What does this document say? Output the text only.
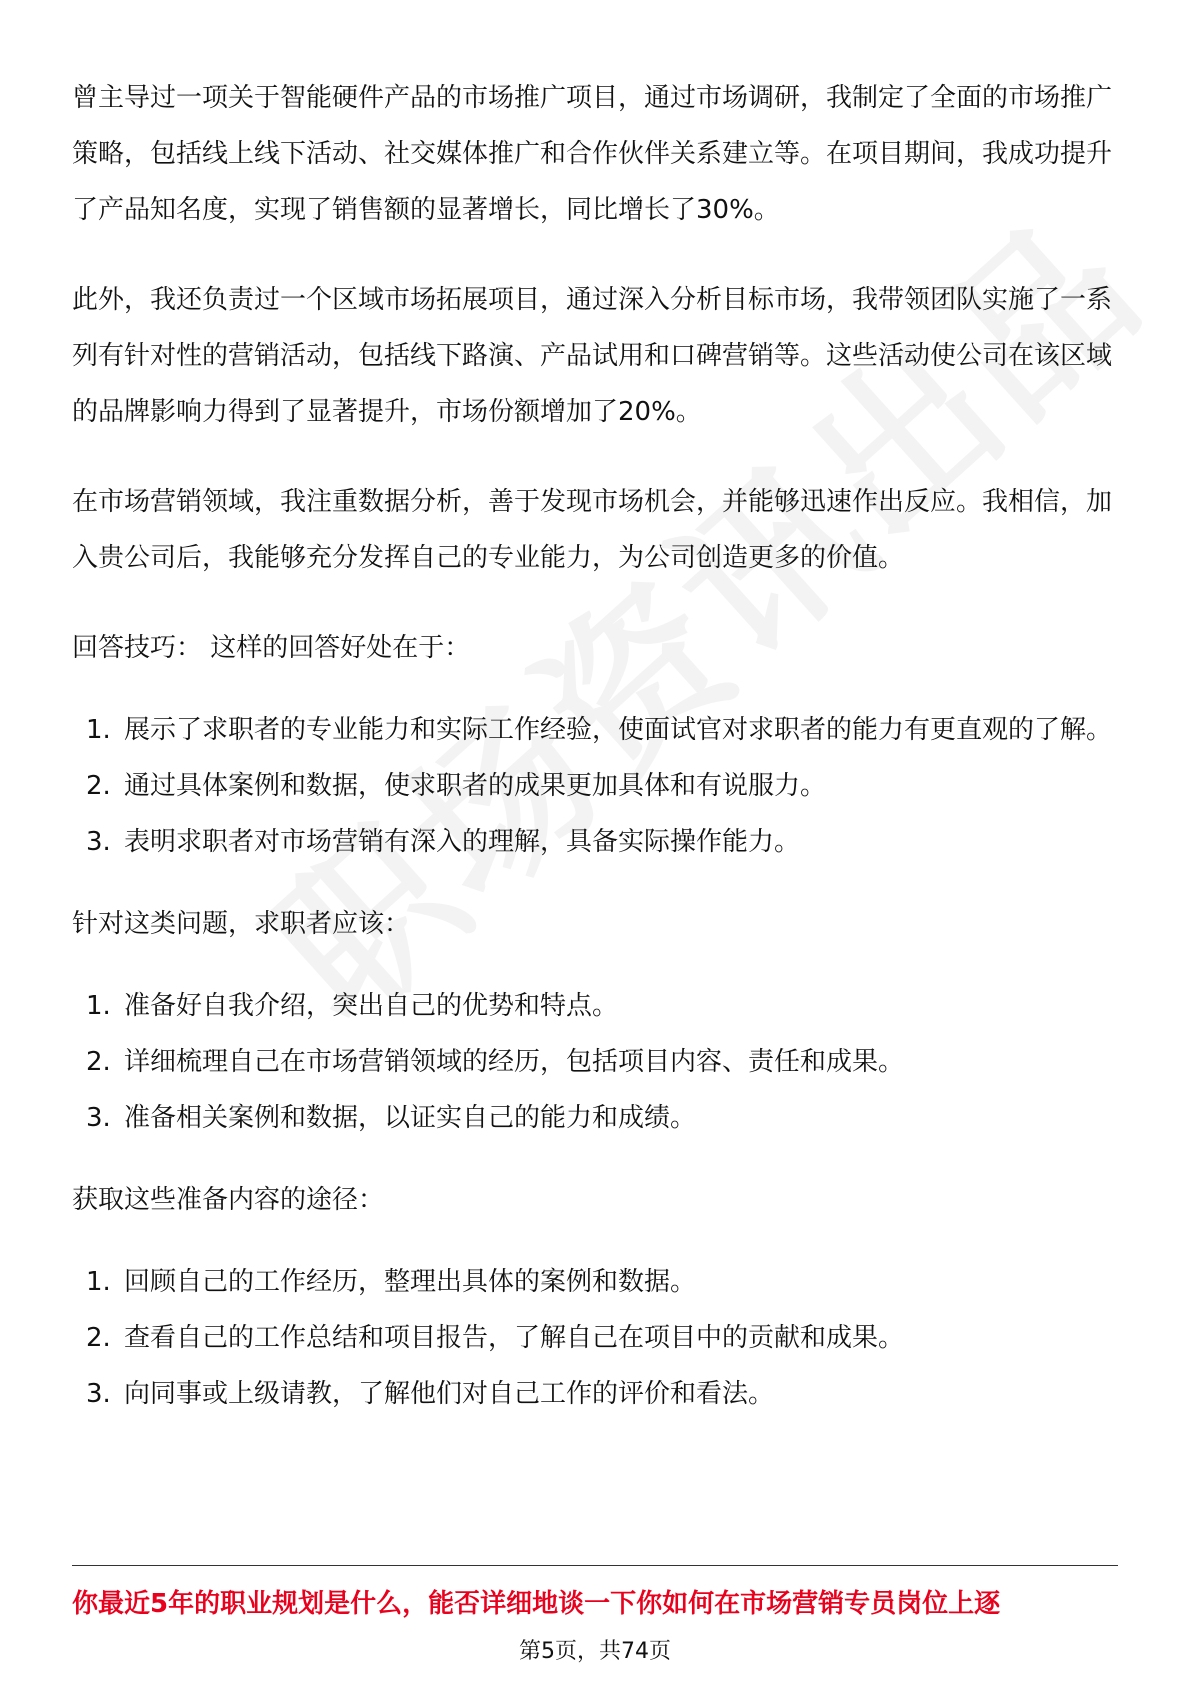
曾主导过一项关于智能硬件产品的市场推广项目，通过市场调研，我制定了全面的市场推广策略，包括线上线下活动、社交媒体推广和合作伙伴关系建立等。在项目期间，我成功提升了产品知名度，实现了销售额的显著增长，同比增长了30%。

此外，我还负责过一个区域市场拓展项目，通过深入分析目标市场，我带领团队实施了一系列有针对性的营销活动，包括线下路演、产品试用和口碑营销等。这些活动使公司在该区域的品牌影响力得到了显著提升，市场份额增加了20%。

在市场营销领域，我注重数据分析，善于发现市场机会，并能够迅速作出反应。我相信，加入贵公司后，我能够充分发挥自己的专业能力，为公司创造更多的价值。

回答技巧： 这样的回答好处在于：
1. 展示了求职者的专业能力和实际工作经验，使面试官对求职者的能力有更直观的了解。
2. 通过具体案例和数据，使求职者的成果更加具体和有说服力。
3. 表明求职者对市场营销有深入的理解，具备实际操作能力。
针对这类问题，求职者应该：
1. 准备好自我介绍，突出自己的优势和特点。
2. 详细梳理自己在市场营销领域的经历，包括项目内容、责任和成果。
3. 准备相关案例和数据，以证实自己的能力和成绩。
获取这些准备内容的途径：
1. 回顾自己的工作经历，整理出具体的案例和数据。
2. 查看自己的工作总结和项目报告，了解自己在项目中的贡献和成果。
3. 向同事或上级请教，了解他们对自己工作的评价和看法。
你最近5年的职业规划是什么，能否详细地谈一下你如何在市场营销专员岗位上逐
第5页，共74页
